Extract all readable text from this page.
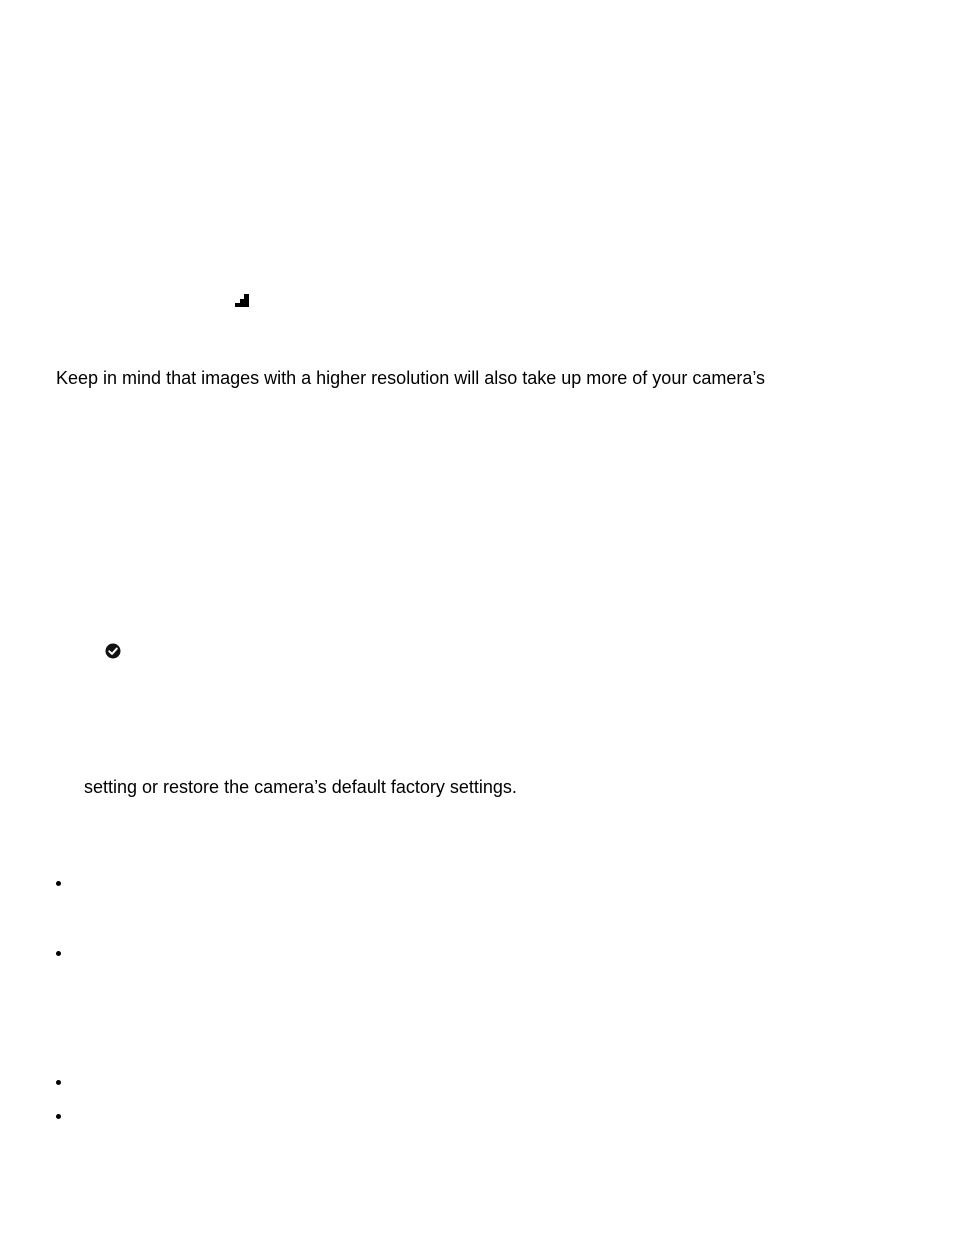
Keep in mind that images with a higher resolution will also take up more of your camera’s

setting or restore the camera’s default factory settings.
